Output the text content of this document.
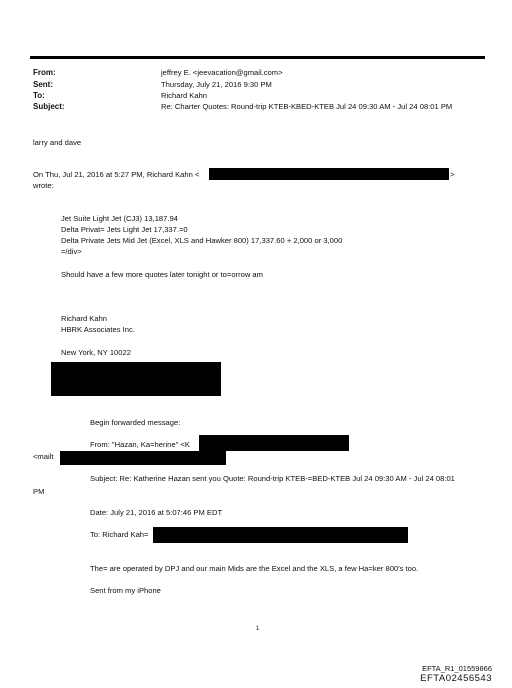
From:	jeffrey E. <jeevacation@gmail.com>
Sent:	Thursday, July 21, 2016 9:30 PM
To:	Richard Kahn
Subject:	Re: Charter Quotes: Round-trip KTEB-KBED-KTEB Jul 24 09:30 AM - Jul 24 08:01 PM
larry and dave
On Thu, Jul 21, 2016 at 5:27 PM, Richard Kahn <	>
wrote:
Jet Suite Light Jet (CJ3) 13,187.94
Delta Privat= Jets Light Jet 17,337.=0
Delta Private Jets Mid Jet (Excel, XLS and Hawker 800) 17,337.60 + 2,000 or 3,000
=/div>
Should have a few more quotes later tonight or to=orrow am
Richard Kahn
HBRK Associates Inc.
New York, NY 10022
Begin forwarded message:
From: "Hazan, Ka=herine" <K
<mailt
Subject: Re: Katherine Hazan sent you Quote: Round-trip KTEB-=BED-KTEB Jul 24 09:30 AM - Jul 24 08:01
PM
Date: July 21, 2016 at 5:07:46 PM EDT
To: Richard Kah=
The= are operated by DPJ and our main Mids are the Excel and the XLS, a few Ha=ker 800's too.
Sent from my iPhone
1
EFTA_R1_01559866
EFTA02456543
